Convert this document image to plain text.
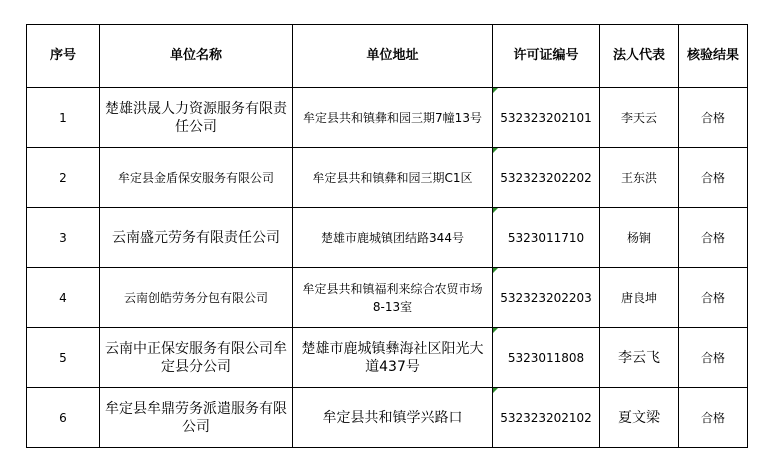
序号	单位名称	单位地址	许可证编号	法人代表	核验结果
1	楚雄洪晟人力资源服务有限责任公司	牟定县共和镇彝和园三期7幢13号	532323202101	李天云	合格
2	牟定县金盾保安服务有限公司	牟定县共和镇彝和园三期C1区	532323202202	王东洪	合格
3	云南盛元劳务有限责任公司	楚雄市鹿城镇团结路344号	5323011710	杨锏	合格
4	云南创皓劳务分包有限公司	牟定县共和镇福利来综合农贸市场8-13室	532323202203	唐良坤	合格
5	云南中正保安服务有限公司牟定县分公司	楚雄市鹿城镇彝海社区阳光大道437号	5323011808	李云飞	合格
6	牟定县牟鼎劳务派遣服务有限公司	牟定县共和镇学兴路口	532323202102	夏文梁	合格
